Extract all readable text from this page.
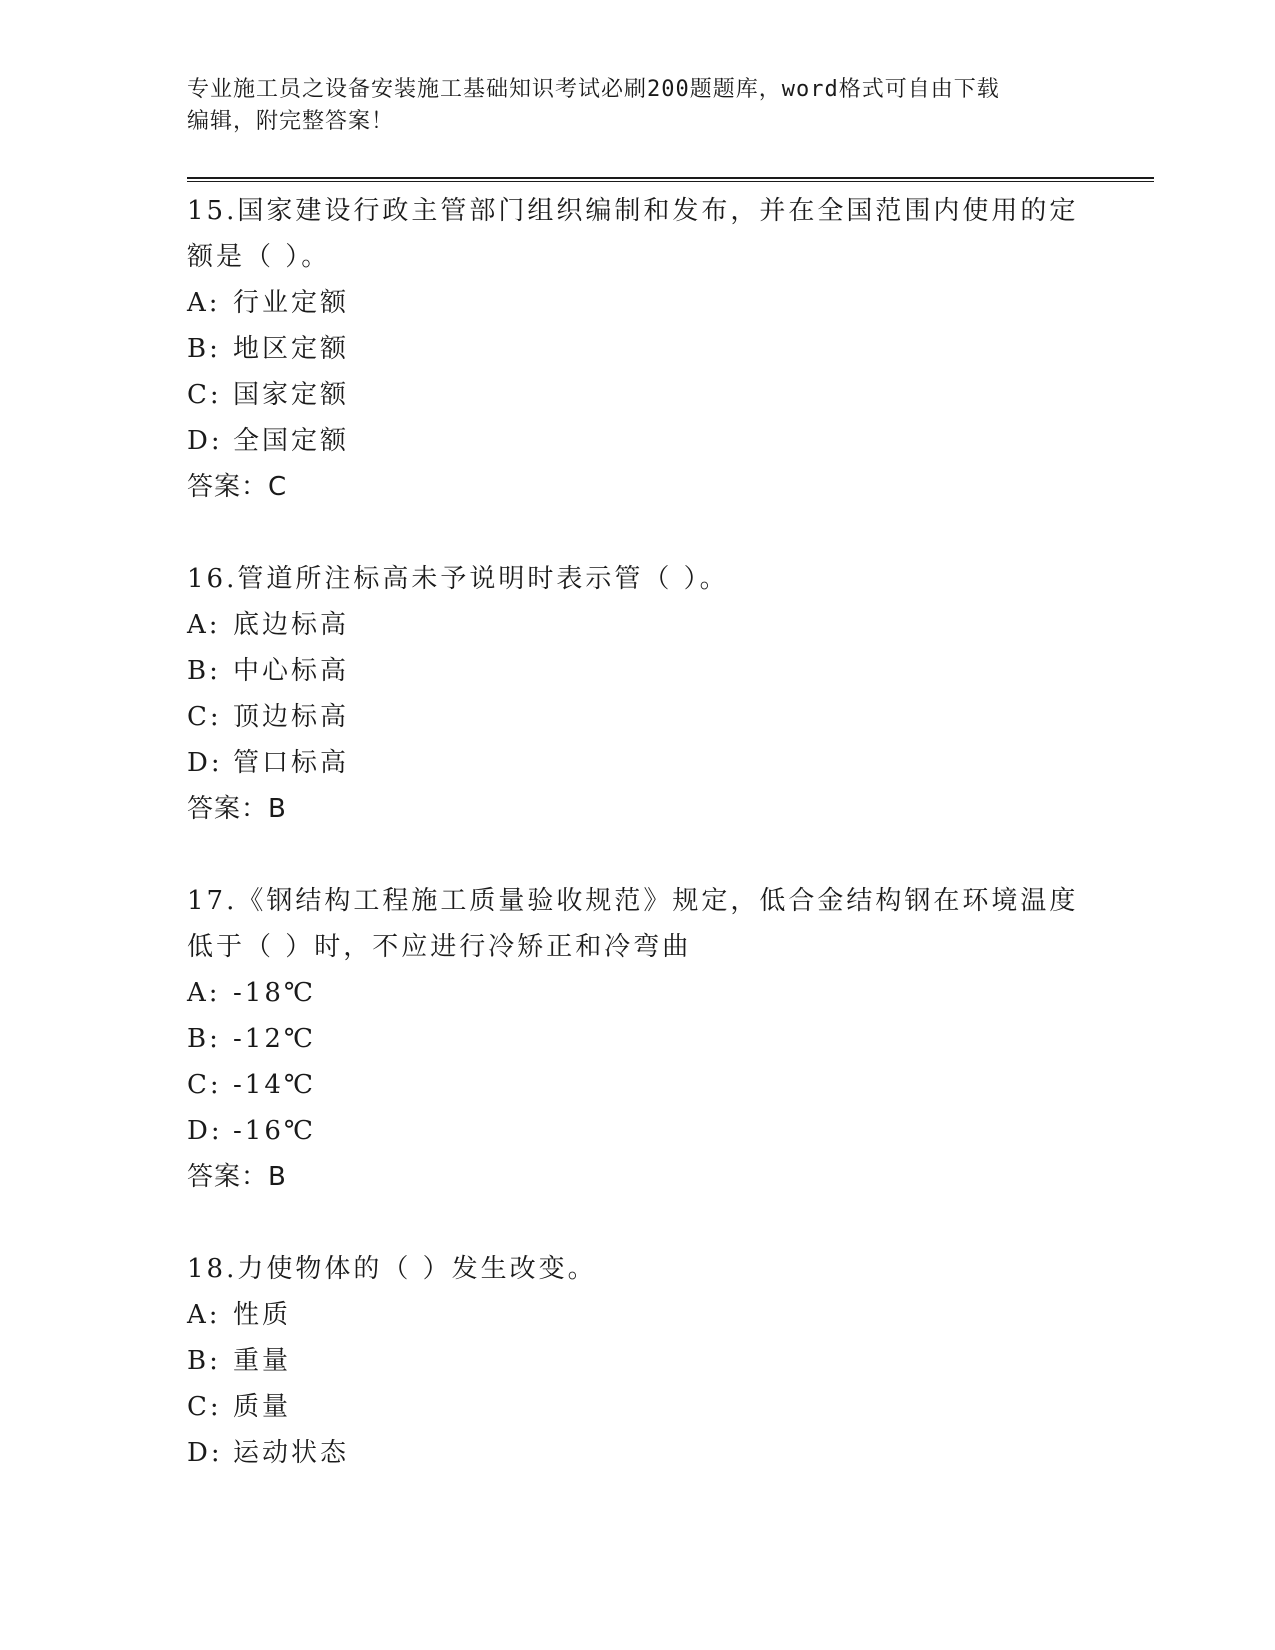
专业施工员之设备安装施工基础知识考试必刷200题题库，word格式可自由下载
编辑，附完整答案！
15.国家建设行政主管部门组织编制和发布，并在全国范围内使用的定
额是（ ）。
A: 行业定额
B: 地区定额
C: 国家定额
D: 全国定额
答案：C
16.管道所注标高未予说明时表示管（ ）。
A: 底边标高
B: 中心标高
C: 顶边标高
D: 管口标高
答案：B
17.《钢结构工程施工质量验收规范》规定，低合金结构钢在环境温度
低于（ ）时，不应进行冷矫正和冷弯曲
A: -18℃
B: -12℃
C: -14℃
D: -16℃
答案：B
18.力使物体的（ ）发生改变。
A: 性质
B: 重量
C: 质量
D: 运动状态
